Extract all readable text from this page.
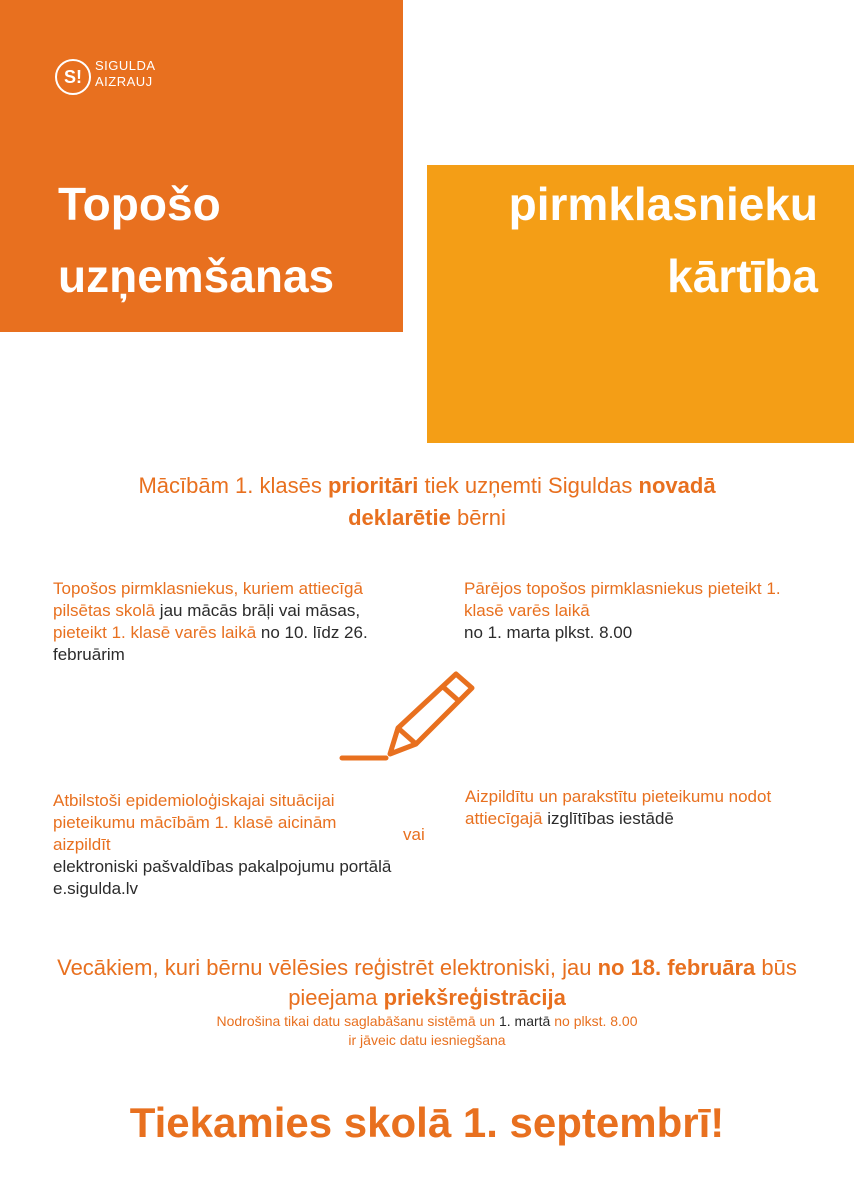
S!
SIGULDA
AIZRAUJ
Topošo
uzņemšanas
pirmklasnieku
kārtība
Mācībām 1. klasēs prioritāri tiek uzņemti Siguldas novadā
deklarētie bērni
Topošos pirmklasniekus, kuriem attiecīgā pilsētas skolā jau mācās brāļi vai māsas, pieteikt 1. klasē varēs laikā no 10. līdz 26. februārim
Pārējos topošos pirmklasniekus pieteikt 1. klasē varēs laikā
no 1. marta plkst. 8.00
Atbilstoši epidemioloģiskajai situācijai pieteikumu mācībām 1. klasē aicinām aizpildīt
elektroniski pašvaldības pakalpojumu portālā e.sigulda.lv
vai
Aizpildītu un parakstītu pieteikumu nodot attiecīgajā izglītības iestādē
Vecākiem, kuri bērnu vēlēsies reģistrēt elektroniski, jau no 18. februāra būs pieejama priekšreģistrācija
Nodrošina tikai datu saglabāšanu sistēmā un 1. martā no plkst. 8.00
ir jāveic datu iesniegšana
Tiekamies skolā 1. septembrī!
